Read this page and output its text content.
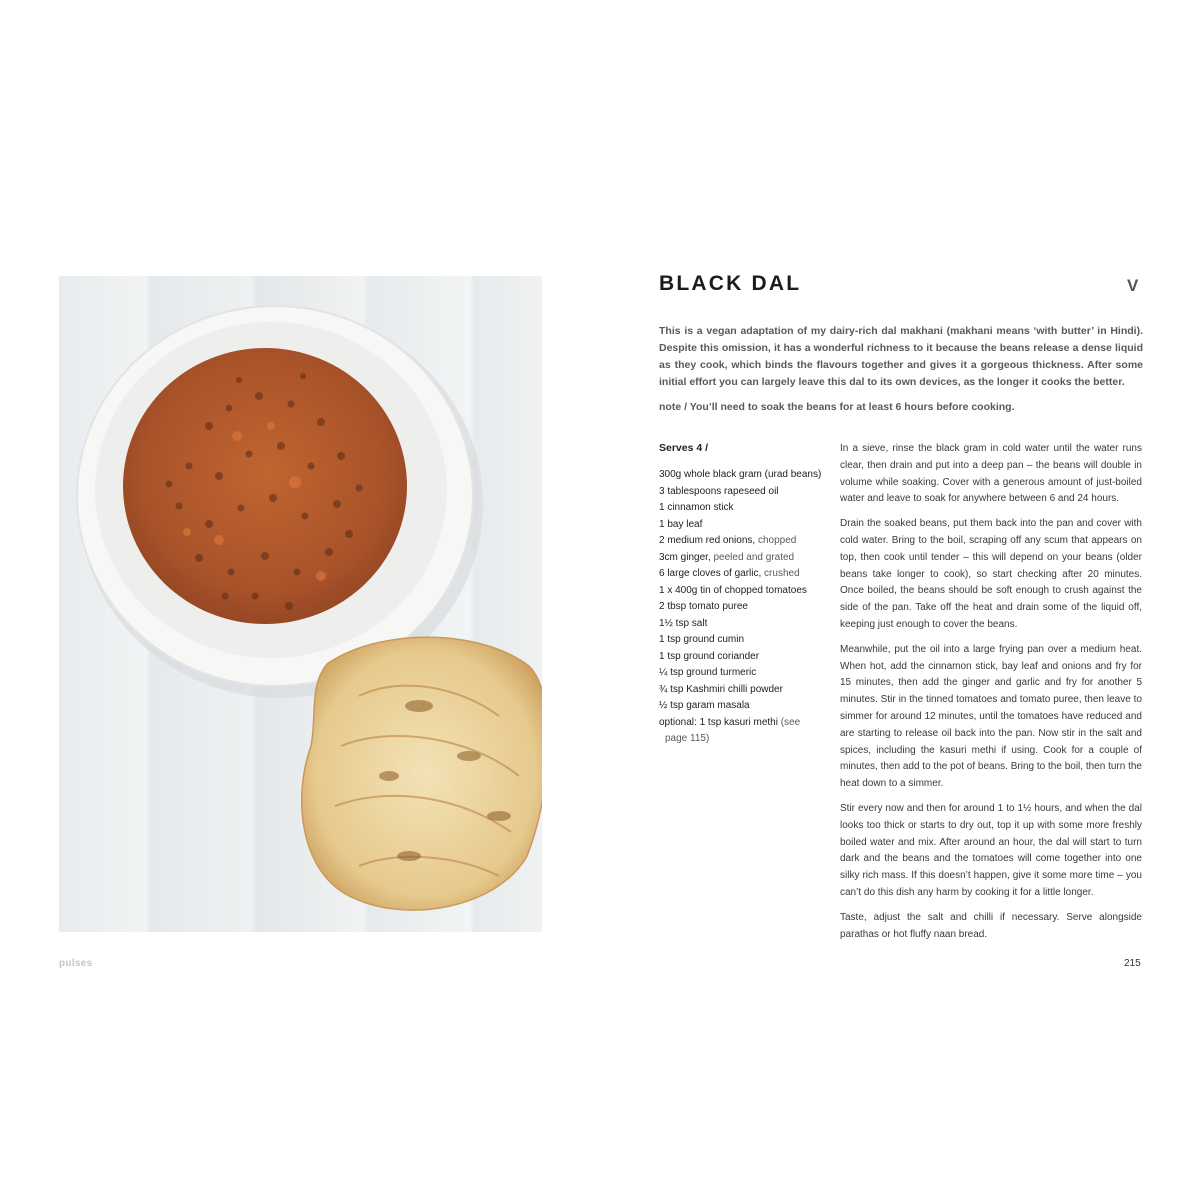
BLACK DAL	V

This is a vegan adaptation of my dairy-rich dal makhani (makhani means ‘with butter’ in Hindi). Despite this omission, it has a wonderful richness to it because the beans release a dense liquid as they cook, which binds the flavours together and gives it a gorgeous thickness. After some initial effort you can largely leave this dal to its own devices, as the longer it cooks the better.

note / You’ll need to soak the beans for at least 6 hours before cooking.

Serves 4 /
300g whole black gram (urad beans)
3 tablespoons rapeseed oil
1 cinnamon stick
1 bay leaf
2 medium red onions, chopped
3cm ginger, peeled and grated
6 large cloves of garlic, crushed
1 x 400g tin of chopped tomatoes
2 tbsp tomato puree
1½ tsp salt
1 tsp ground cumin
1 tsp ground coriander
¼ tsp ground turmeric
¾ tsp Kashmiri chilli powder
½ tsp garam masala
optional: 1 tsp kasuri methi (see page 115)

In a sieve, rinse the black gram in cold water until the water runs clear, then drain and put into a deep pan – the beans will double in volume while soaking. Cover with a generous amount of just-boiled water and leave to soak for anywhere between 6 and 24 hours.

Drain the soaked beans, put them back into the pan and cover with cold water. Bring to the boil, scraping off any scum that appears on top, then cook until tender – this will depend on your beans (older beans take longer to cook), so start checking after 20 minutes. Once boiled, the beans should be soft enough to crush against the side of the pan. Take off the heat and drain some of the liquid off, keeping just enough to cover the beans.

Meanwhile, put the oil into a large frying pan over a medium heat. When hot, add the cinnamon stick, bay leaf and onions and fry for 15 minutes, then add the ginger and garlic and fry for another 5 minutes. Stir in the tinned tomatoes and tomato puree, then leave to simmer for around 12 minutes, until the tomatoes have reduced and are starting to release oil back into the pan. Now stir in the salt and spices, including the kasuri methi if using. Cook for a couple of minutes, then add to the pot of beans. Bring to the boil, then turn the heat down to a simmer.

Stir every now and then for around 1 to 1½ hours, and when the dal looks too thick or starts to dry out, top it up with some more freshly boiled water and mix. After around an hour, the dal will start to turn dark and the beans and the tomatoes will come together into one silky rich mass. If this doesn’t happen, give it some more time – you can’t do this dish any harm by cooking it for a little longer.

Taste, adjust the salt and chilli if necessary. Serve alongside parathas or hot fluffy naan bread.

pulses	215
